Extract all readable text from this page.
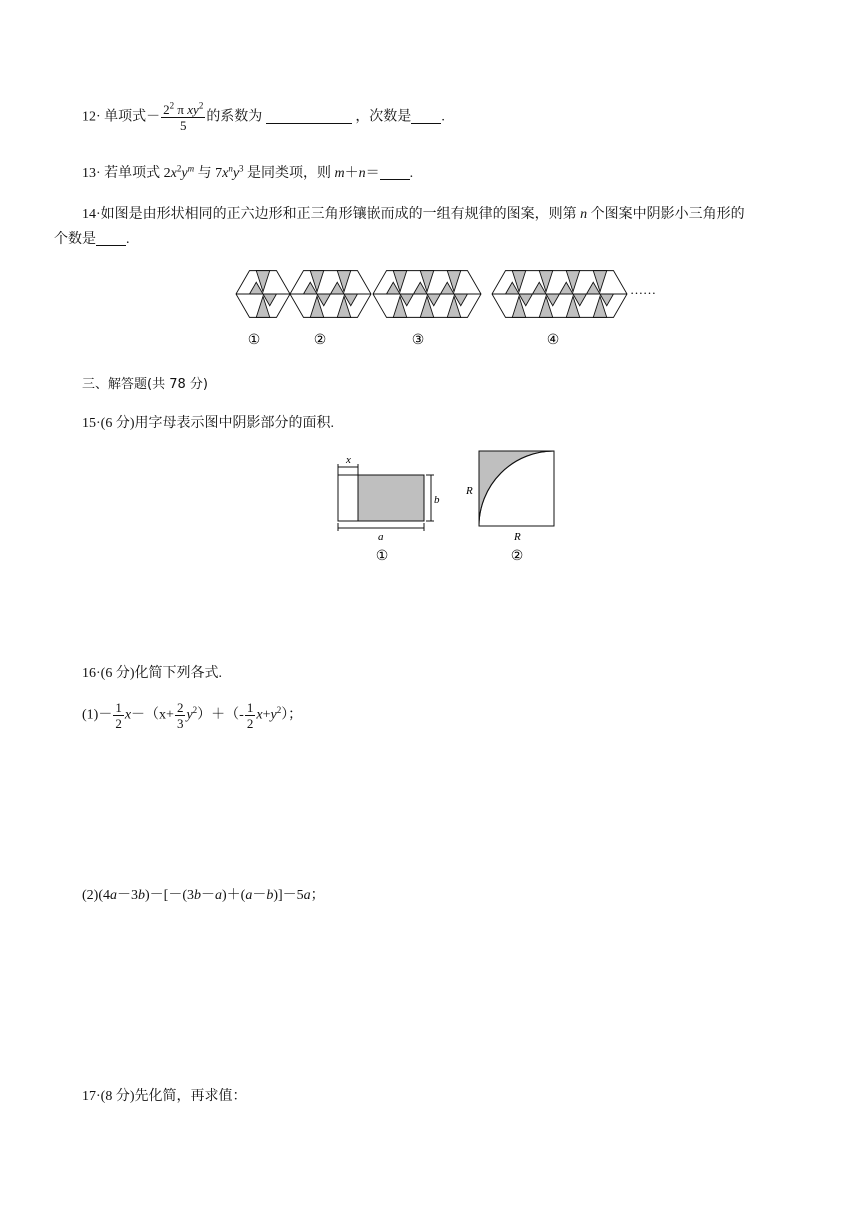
12· 单项式－ $\frac{2^2 \pi xy^2}{5}$ 的系数为	，次数是 .
13· 若单项式 $2x^2y^m$ 与 $7x^ny^3$ 是同类项，则 m＋n＝ .
14·如图是由形状相同的正六边形和正三角形镶嵌而成的一组有规律的图案，则第 n 个图案中阴影小三角形的
个数是 .
……
①	②	③	④
三、解答题(共 78 分)
15·(6 分)用字母表示图中阴影部分的面积.
x
b
a
①
R
R
②
16·(6 分)化简下列各式.
$(1)- \frac{1}{2} x-(x+ \frac{2}{3} y^2)+(- \frac{1}{2} x+y^2)$；
(2)(4a－3b)－[－(3b－a)＋(a－b)]－5a；
17·(8 分)先化简，再求值：
